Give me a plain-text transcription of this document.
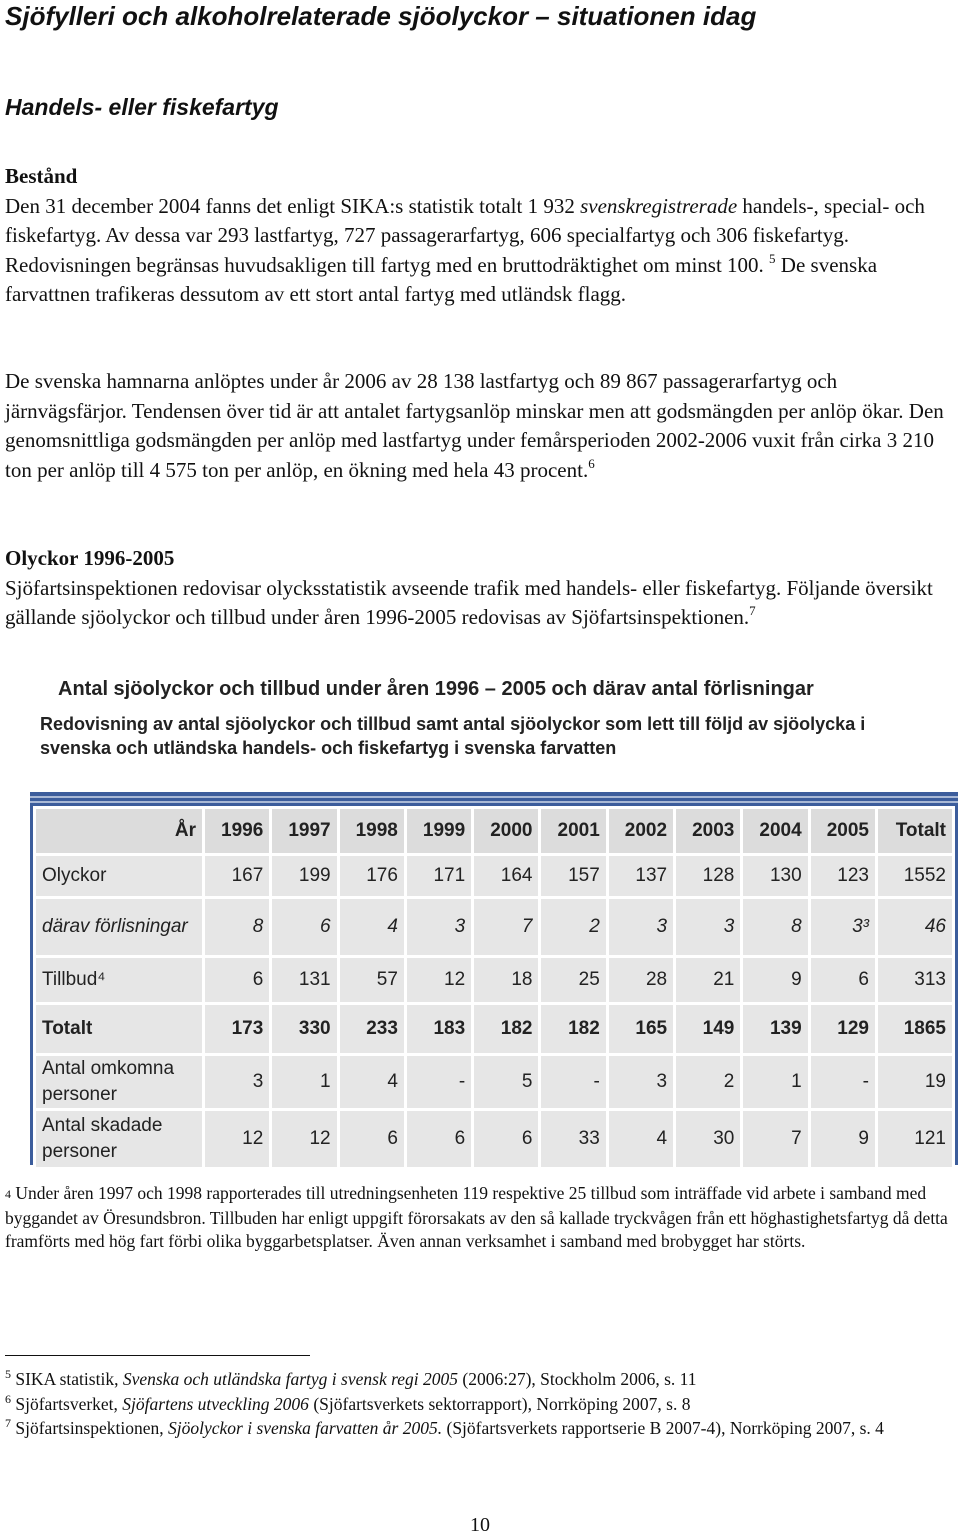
Sjöfylleri och alkoholrelaterade sjöolyckor – situationen idag
Handels- eller fiskefartyg
Bestånd
Den 31 december 2004 fanns det enligt SIKA:s statistik totalt 1 932 svenskregistrerade handels-, special- och fiskefartyg. Av dessa var 293 lastfartyg, 727 passagerarfartyg, 606 specialfartyg och 306 fiskefartyg. Redovisningen begränsas huvudsakligen till fartyg med en bruttodräktighet om minst 100. $^5$ De svenska farvattnen trafikeras dessutom av ett stort antal fartyg med utländsk flagg.
De svenska hamnarna anlöptes under år 2006 av 28 138 lastfartyg och 89 867 passagerarfartyg och järnvägsfärjor. Tendensen över tid är att antalet fartygsanlöp minskar men att godsmängden per anlöp ökar. Den genomsnittliga godsmängden per anlöp med lastfartyg under femårsperioden 2002-2006 vuxit från cirka 3 210 ton per anlöp till 4 575 ton per anlöp, en ökning med hela 43 procent.$^6$
Olyckor 1996-2005
Sjöfartsinspektionen redovisar olycksstatistik avseende trafik med handels- eller fiskefartyg. Följande översikt gällande sjöolyckor och tillbud under åren 1996-2005 redovisas av Sjöfartsinspektionen.$^7$
Antal sjöolyckor och tillbud under åren 1996 – 2005 och därav antal förlisningar
Redovisning av antal sjöolyckor och tillbud samt antal sjöolyckor som lett till följd av sjöolycka i svenska och utländska handels- och fiskefartyg i svenska farvatten
År	1996	1997	1998	1999	2000	2001	2002	2003	2004	2005	Totalt
Olyckor	167	199	176	171	164	157	137	128	130	123	1552
därav förlisningar	8	6	4	3	7	2	3	3	8	3³	46
Tillbud⁴	6	131	57	12	18	25	28	21	9	6	313
Totalt	173	330	233	183	182	182	165	149	139	129	1865
Antal omkomna personer	3	1	4	-	5	-	3	2	1	-	19
Antal skadade personer	12	12	6	6	6	33	4	30	7	9	121
4 Under åren 1997 och 1998 rapporterades till utredningsenheten 119 respektive 25 tillbud som inträffade vid arbete i samband med byggandet av Öresundsbron. Tillbuden har enligt uppgift förorsakats av den så kallade tryckvågen från ett höghastighetsfartyg då detta framförts med hög fart förbi olika byggarbetsplatser. Även annan verksamhet i samband med brobygget har störts.
$^5$ SIKA statistik, Svenska och utländska fartyg i svensk regi 2005 (2006:27), Stockholm 2006, s. 11
$^6$ Sjöfartsverket, Sjöfartens utveckling 2006 (Sjöfartsverkets sektorrapport), Norrköping 2007, s. 8
$^7$ Sjöfartsinspektionen, Sjöolyckor i svenska farvatten år 2005. (Sjöfartsverkets rapportserie B 2007-4), Norrköping 2007, s. 4
10
